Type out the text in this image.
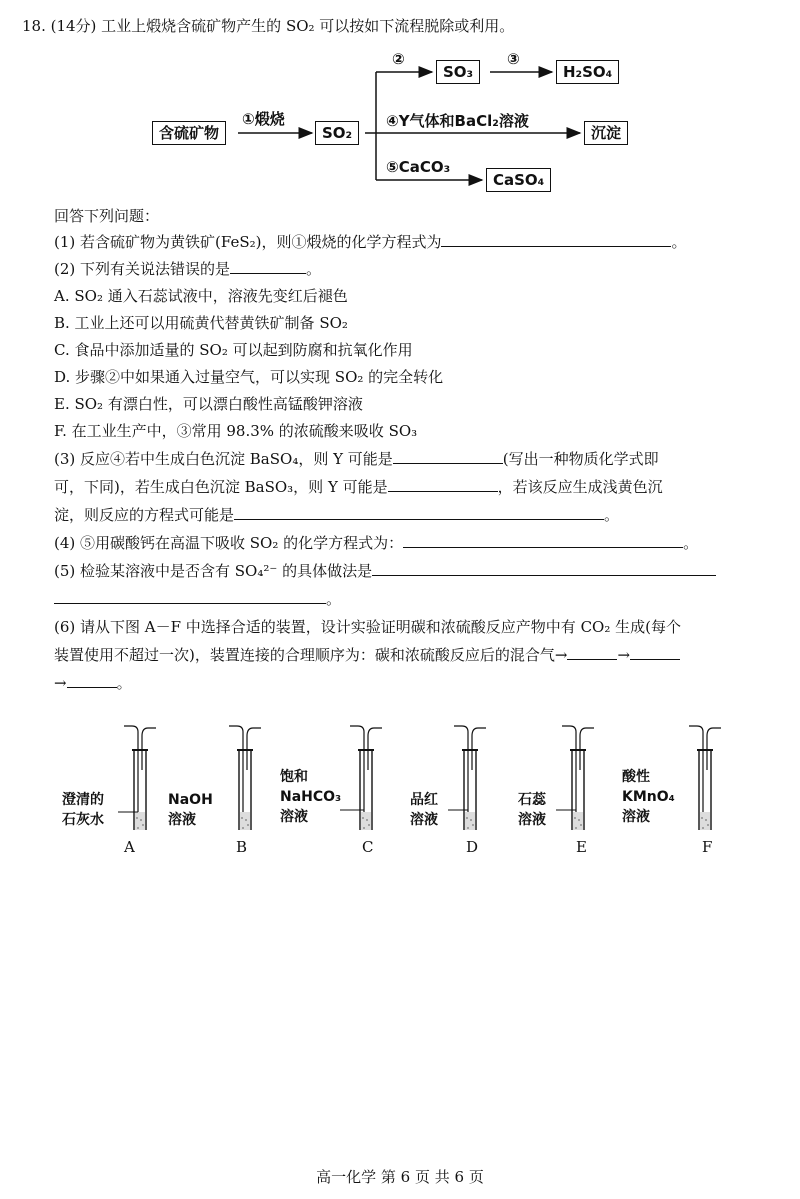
18. (14分) 工业上煅烧含硫矿物产生的 SO₂ 可以按如下流程脱除或利用。
含硫矿物
①煅烧
SO₂
②
SO₃
③
H₂SO₄
④Y气体和BaCl₂溶液
沉淀
⑤CaCO₃
CaSO₄
回答下列问题：
(1) 若含硫矿物为黄铁矿(FeS₂)，则①煅烧的化学方程式为	。
(2) 下列有关说法错误的是	。
A. SO₂ 通入石蕊试液中，溶液先变红后褪色
B. 工业上还可以用硫黄代替黄铁矿制备 SO₂
C. 食品中添加适量的 SO₂ 可以起到防腐和抗氧化作用
D. 步骤②中如果通入过量空气，可以实现 SO₂ 的完全转化
E. SO₂ 有漂白性，可以漂白酸性高锰酸钾溶液
F. 在工业生产中，③常用 98.3% 的浓硫酸来吸收 SO₃
(3) 反应④若中生成白色沉淀 BaSO₄，则 Y 可能是	(写出一种物质化学式即
可，下同)，若生成白色沉淀 BaSO₃，则 Y 可能是	，若该反应生成浅黄色沉
淀，则反应的方程式可能是	。
(4) ⑤用碳酸钙在高温下吸收 SO₂ 的化学方程式为：	。
(5) 检验某溶液中是否含有 SO₄²⁻ 的具体做法是
。
(6) 请从下图 A－F 中选择合适的装置，设计实验证明碳和浓硫酸反应产物中有 CO₂ 生成(每个
装置使用不超过一次)，装置连接的合理顺序为：碳和浓硫酸反应后的混合气→	→
→	。
澄清的
石灰水
NaOH
溶液
饱和
NaHCO₃
溶液
品红
溶液
石蕊
溶液
酸性
KMnO₄
溶液
A	B	C	D	E	F
高一化学 第 6 页 共 6 页
